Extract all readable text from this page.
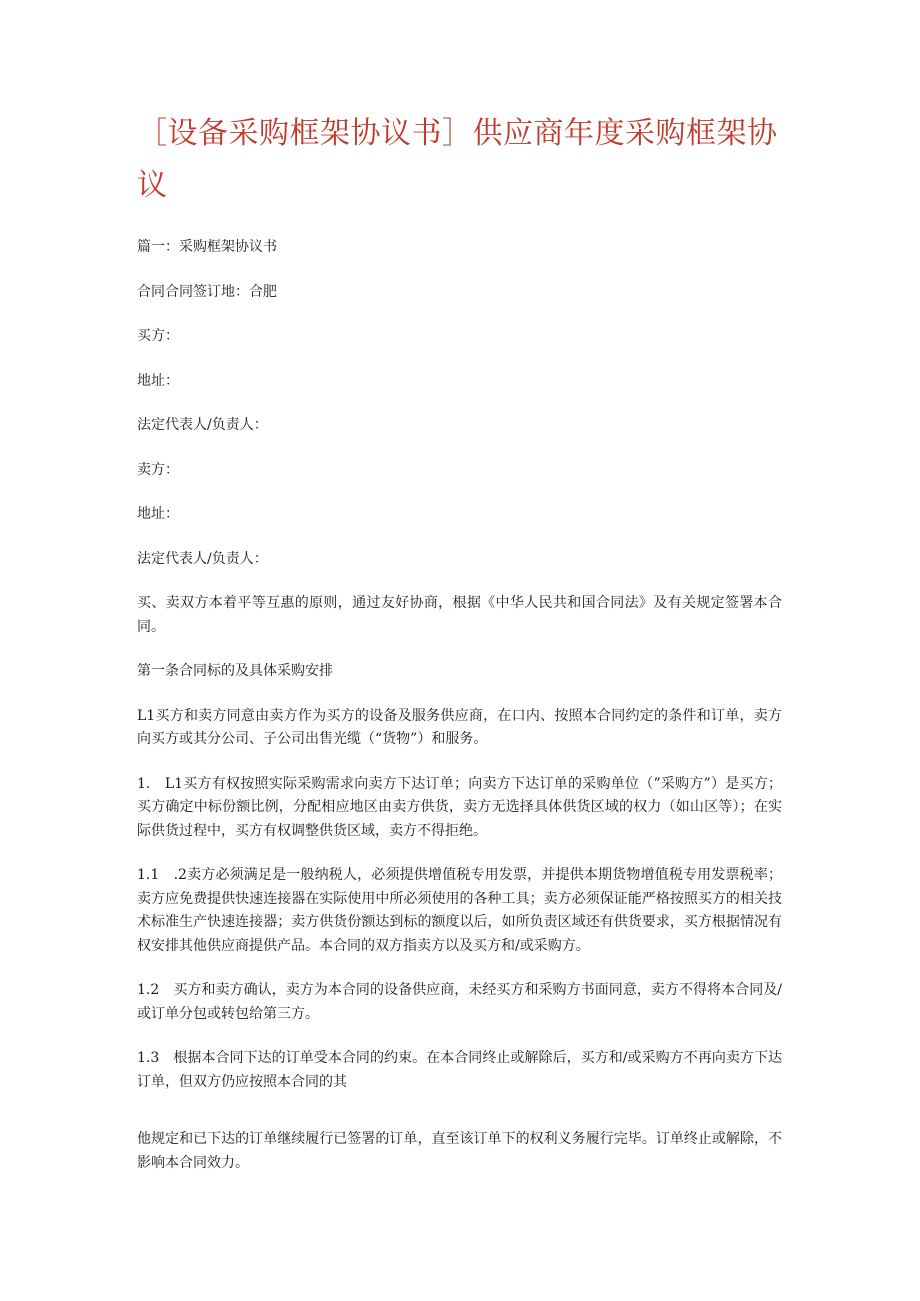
［设备采购框架协议书］供应商年度采购框架协议

篇一：采购框架协议书

合同合同签订地：合肥

买方：

地址：

法定代表人/负责人：

卖方：

地址：

法定代表人/负责人：

买、卖双方本着平等互惠的原则，通过友好协商，根据《中华人民共和国合同法》及有关规定签署本合同。

第一条合同标的及具体采购安排

L1买方和卖方同意由卖方作为买方的设备及服务供应商，在口内、按照本合同约定的条件和订单，卖方向买方或其分公司、子公司出售光缆（“货物”）和服务。

1.　L1买方有权按照实际采购需求向卖方下达订单；向卖方下达订单的采购单位（”采购方”）是买方；买方确定中标份额比例，分配相应地区由卖方供货，卖方无选择具体供货区域的权力（如山区等）；在实际供货过程中，买方有权调整供货区域，卖方不得拒绝。

1.1　.2卖方必须满足是一般纳税人，必须提供增值税专用发票，并提供本期货物增值税专用发票税率；卖方应免费提供快速连接器在实际使用中所必须使用的各种工具；卖方必须保证能严格按照买方的相关技术标准生产快速连接器；卖方供货份额达到标的额度以后，如所负责区域还有供货要求，买方根据情况有权安排其他供应商提供产品。本合同的双方指卖方以及买方和/或采购方。

1.2　买方和卖方确认，卖方为本合同的设备供应商，未经买方和采购方书面同意，卖方不得将本合同及/或订单分包或转包给第三方。

1.3　根据本合同下达的订单受本合同的约束。在本合同终止或解除后，买方和/或采购方不再向卖方下达订单，但双方仍应按照本合同的其

他规定和已下达的订单继续履行已签署的订单，直至该订单下的权利义务履行完毕。订单终止或解除，不影响本合同效力。
